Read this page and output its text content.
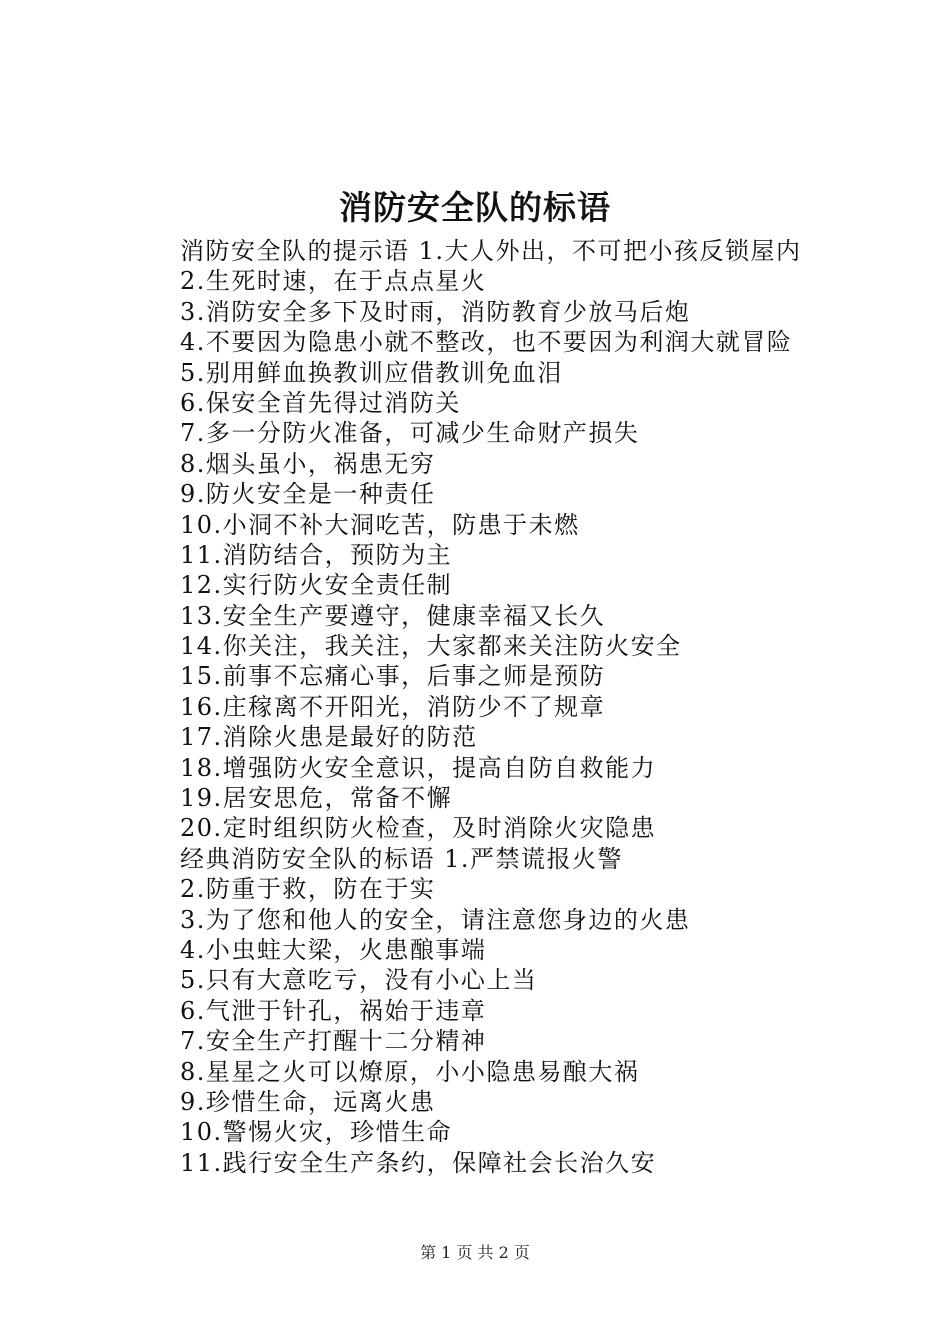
消防安全队的标语
消防安全队的提示语 1.大人外出，不可把小孩反锁屋内
2.生死时速，在于点点星火
3.消防安全多下及时雨，消防教育少放马后炮
4.不要因为隐患小就不整改，也不要因为利润大就冒险
5.别用鲜血换教训应借教训免血泪
6.保安全首先得过消防关
7.多一分防火准备，可减少生命财产损失
8.烟头虽小，祸患无穷
9.防火安全是一种责任
10.小洞不补大洞吃苦，防患于未燃
11.消防结合，预防为主
12.实行防火安全责任制
13.安全生产要遵守，健康幸福又长久
14.你关注，我关注，大家都来关注防火安全
15.前事不忘痛心事，后事之师是预防
16.庄稼离不开阳光，消防少不了规章
17.消除火患是最好的防范
18.增强防火安全意识，提高自防自救能力
19.居安思危，常备不懈
20.定时组织防火检查，及时消除火灾隐患
经典消防安全队的标语 1.严禁谎报火警
2.防重于救，防在于实
3.为了您和他人的安全，请注意您身边的火患
4.小虫蛀大梁，火患酿事端
5.只有大意吃亏，没有小心上当
6.气泄于针孔，祸始于违章
7.安全生产打醒十二分精神
8.星星之火可以燎原，小小隐患易酿大祸
9.珍惜生命，远离火患
10.警惕火灾，珍惜生命
11.践行安全生产条约，保障社会长治久安
第 1 页 共 2 页
